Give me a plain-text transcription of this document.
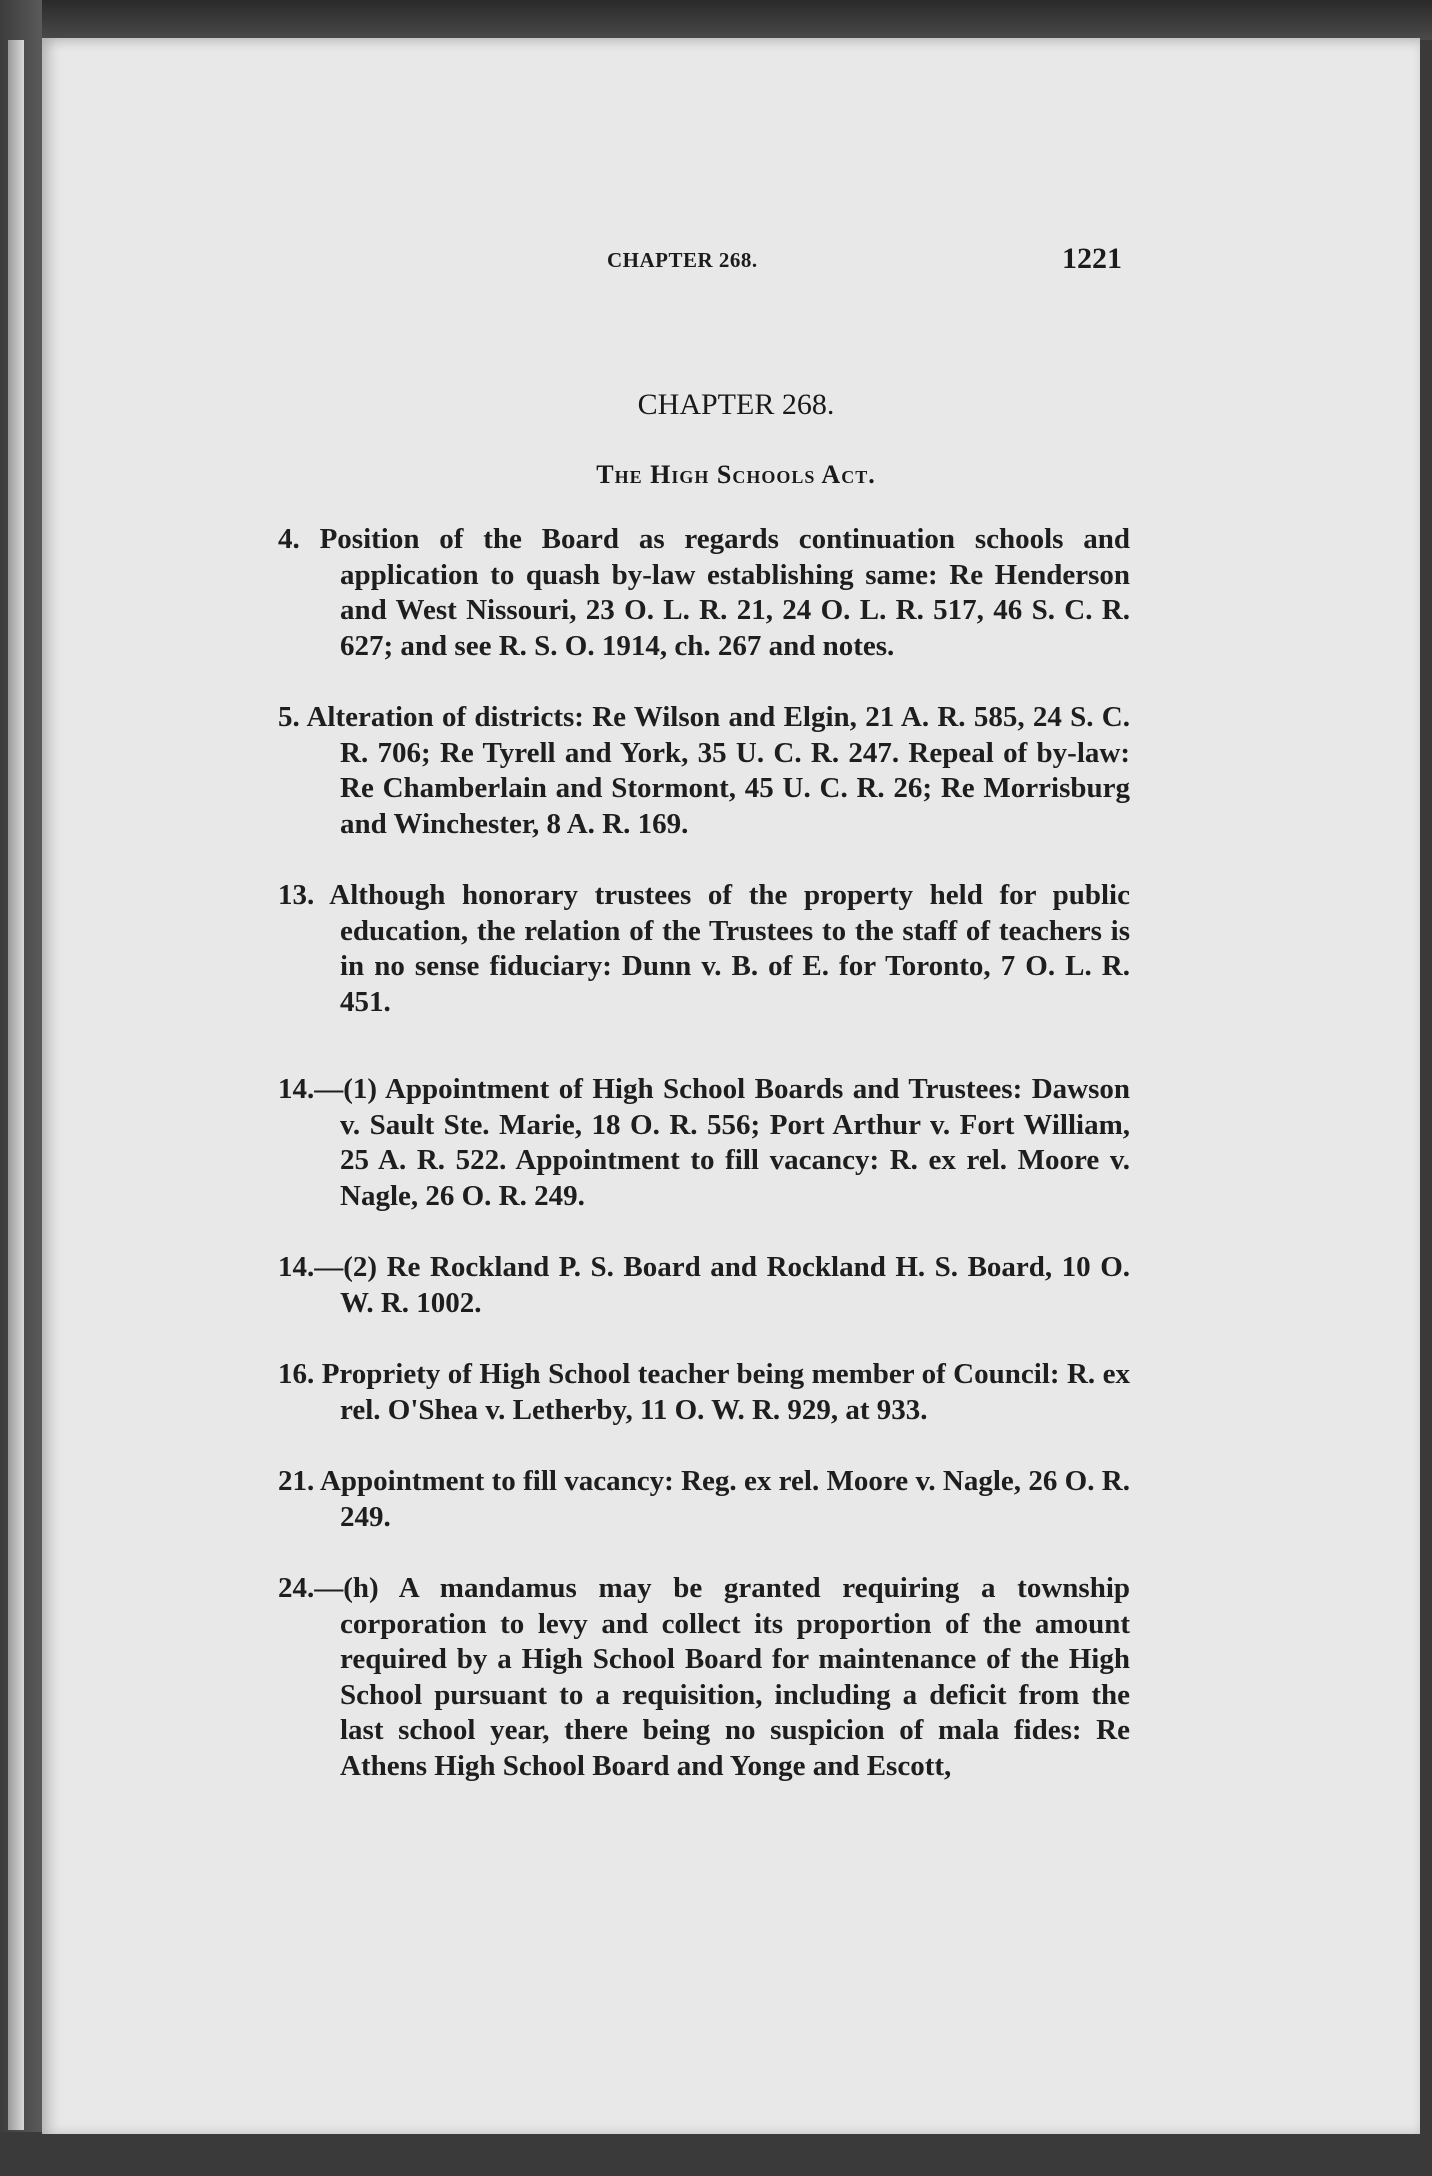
CHAPTER 268.	1221
CHAPTER 268.
The High Schools Act.

4. Position of the Board as regards continuation schools and application to quash by-law establishing same: Re Henderson and West Nissouri, 23 O. L. R. 21, 24 O. L. R. 517, 46 S. C. R. 627; and see R. S. O. 1914, ch. 267 and notes.

5. Alteration of districts: Re Wilson and Elgin, 21 A. R. 585, 24 S. C. R. 706; Re Tyrell and York, 35 U. C. R. 247. Repeal of by-law: Re Chamberlain and Stormont, 45 U. C. R. 26; Re Morrisburg and Winchester, 8 A. R. 169.

13. Although honorary trustees of the property held for public education, the relation of the Trustees to the staff of teachers is in no sense fiduciary: Dunn v. B. of E. for Toronto, 7 O. L. R. 451.

14.—(1) Appointment of High School Boards and Trustees: Dawson v. Sault Ste. Marie, 18 O. R. 556; Port Arthur v. Fort William, 25 A. R. 522. Appointment to fill vacancy: R. ex rel. Moore v. Nagle, 26 O. R. 249.

14.—(2) Re Rockland P. S. Board and Rockland H. S. Board, 10 O. W. R. 1002.

16. Propriety of High School teacher being member of Council: R. ex rel. O'Shea v. Letherby, 11 O. W. R. 929, at 933.

21. Appointment to fill vacancy: Reg. ex rel. Moore v. Nagle, 26 O. R. 249.

24.—(h) A mandamus may be granted requiring a township corporation to levy and collect its proportion of the amount required by a High School Board for maintenance of the High School pursuant to a requisition, including a deficit from the last school year, there being no suspicion of mala fides: Re Athens High School Board and Yonge and Escott,
